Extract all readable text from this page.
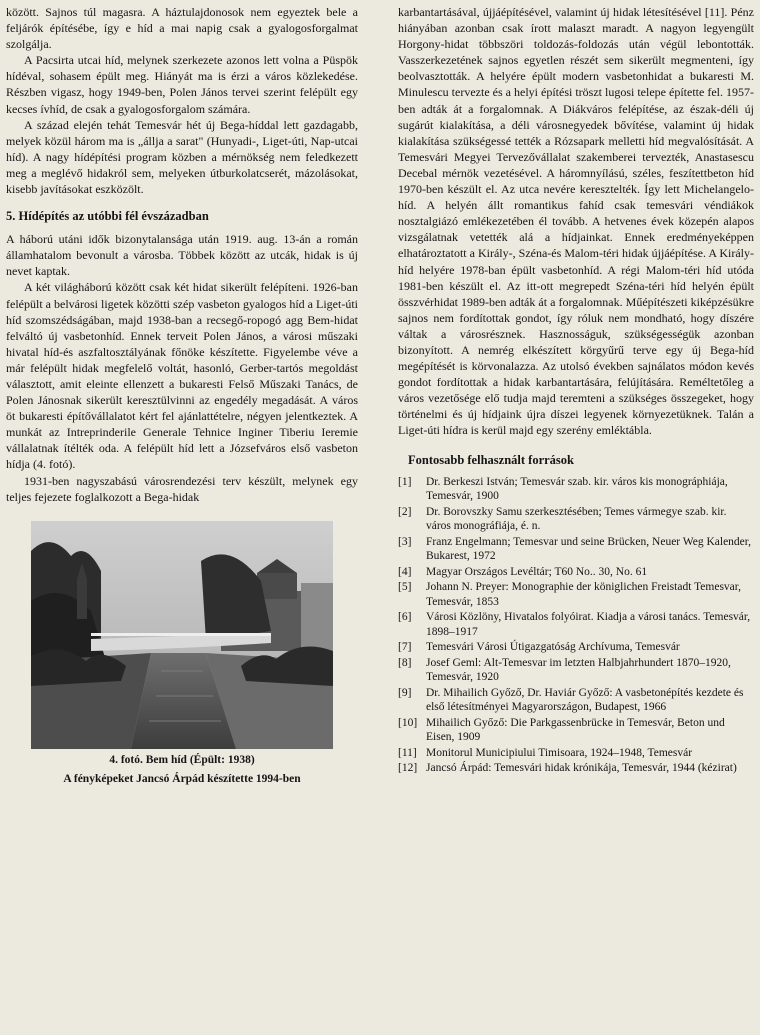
között. Sajnos túl magasra. A háztulajdonosok nem egyeztek bele a feljárók építésébe, így e híd a mai napig csak a gyalogosforgalmat szolgálja.

A Pacsirta utcai híd, melynek szerkezete azonos lett volna a Püspök hídéval, sohasem épült meg. Hiányát ma is érzi a város közlekedése. Részben vigasz, hogy 1949-ben, Polen János tervei szerint felépült egy kecses ívhíd, de csak a gyalogosforgalom számára.

A század elején tehát Temesvár hét új Bega-híddal lett gazdagabb, melyek közül három ma is „állja a sarat" (Hunyadi-, Liget-úti, Nap-utcai híd). A nagy hídépítési program közben a mérnökség nem feledkezett meg a meglévő hidakról sem, melyeken útburkolatcserét, mázolásokat, kisebb javításokat eszközölt.

5. Hídépítés az utóbbi fél évszázadban

A háború utáni idők bizonytalansága után 1919. aug. 13-án a román államhatalom bevonult a városba. Többek között az utcák, hidak is új nevet kaptak.

A két világháború között csak két hidat sikerült felépíteni. 1926-ban felépült a belvárosi ligetek közötti szép vasbeton gyalogos híd a Liget-úti híd szomszédságában, majd 1938-ban a recsegő-ropogó agg Bem-hidat felváltó új vasbetonhíd. Ennek terveit Polen János, a városi műszaki hivatal híd-és aszfaltosztályának főnöke készítette. Figyelembe véve a már felépült hidak megfelelő voltát, hasonló, Gerber-tartós megoldást választott, amit eleinte ellenzett a bukaresti Felső Műszaki Tanács, de Polen Jánosnak sikerült keresztülvinni az engedély megadását. A város öt bukaresti építővállalatot kért fel ajánlattételre, négyen jelentkeztek. A munkát az Intreprinderile Generale Tehnice Inginer Tiberiu Ieremie vállalatnak ítélték oda. A felépült híd lett a Józsefváros első vasbeton hídja (4. fotó).

1931-ben nagyszabású városrendezési terv készült, melynek egy teljes fejezete foglalkozott a Bega-hidak

4. fotó. Bem híd (Épült: 1938)
A fényképeket Jancsó Árpád készítette 1994-ben

karbantartásával, újjáépítésével, valamint új hidak létesítésével [11]. Pénz hiányában azonban csak írott malaszt maradt. A nagyon legyengült Horgony-hidat többszöri toldozás-foldozás után végül lebontották. Vasszerkezetének sajnos egyetlen részét sem sikerült megmenteni, így beolvasztották. A helyére épült modern vasbetonhidat a bukaresti M. Minulescu tervezte és a helyi építési tröszt lugosi telepe építette fel. 1957-ben adták át a forgalomnak. A Diákváros felépítése, az észak-déli új sugárút kialakítása, a déli városnegyedek bővítése, valamint új hidak kialakítása szükségessé tették a Rózsapark melletti híd megvalósítását. A Temesvári Megyei Tervezővállalat szakemberei tervezték, Anastasescu Decebal mérnök vezetésével. A háromnyílású, széles, feszítettbeton híd 1970-ben készült el. Az utca nevére keresztelték. Így lett Michelangelo-híd. A helyén állt romantikus fahíd csak temesvári véndiákok nosztalgiázó emlékezetében él tovább. A hetvenes évek közepén alapos vizsgálatnak vetették alá a hídjainkat. Ennek eredményeképpen elhatároztatott a Király-, Széna-és Malom-téri hidak újjáépítése. A Király-híd helyére 1978-ban épült vasbetonhíd. A régi Malom-téri híd utóda 1981-ben készült el. Az itt-ott megrepedt Széna-téri híd helyén épült összvérhidat 1989-ben adták át a forgalomnak. Műépítészeti kiképzésükre sajnos nem fordítottak gondot, így róluk nem mondható, hogy díszére váltak a városrésznek. Hasznosságuk, szükségességük azonban bizonyított. A nemrég elkészített körgyűrű terve egy új Bega-híd megépítését is körvonalazza. Az utolsó években sajnálatos módon kevés gondot fordítottak a hidak karbantartására, felújítására. Reméltetőleg a város vezetősége elő tudja majd teremteni a szükséges összegeket, hogy történelmi és új hídjaink újra díszei legyenek környezetüknek. Talán a Liget-úti hídra is kerül majd egy szerény emléktábla.

Fontosabb felhasznált források
[1]	Dr. Berkeszi István; Temesvár szab. kir. város kis monográphiája, Temesvár, 1900
[2]	Dr. Borovszky Samu szerkesztésében; Temes vármegye szab. kir. város monográfiája, é. n.
[3]	Franz Engelmann; Temesvar und seine Brücken, Neuer Weg Kalender, Bukarest, 1972
[4]	Magyar Országos Levéltár; T60 No.. 30, No. 61
[5]	Johann N. Preyer: Monographie der königlichen Freistadt Temesvar, Temesvár, 1853
[6]	Városi Közlöny, Hivatalos folyóirat. Kiadja a városi tanács. Temesvár, 1898–1917
[7]	Temesvári Városi Útigazgatóság Archívuma, Temesvár
[8]	Josef Geml: Alt-Temesvar im letzten Halbjahrhundert 1870–1920, Temesvár, 1920
[9]	Dr. Mihailich Győző, Dr. Haviár Győző: A vasbetonépítés kezdete és első létesítményei Magyarországon, Budapest, 1966
[10] Mihailich Győző: Die Parkgassenbrücke in Temesvár, Beton und Eisen, 1909
[11] Monitorul Municipiului Timisoara, 1924–1948, Temesvár
[12] Jancsó Árpád: Temesvári hidak krónikája, Temesvár, 1944 (kézirat)
